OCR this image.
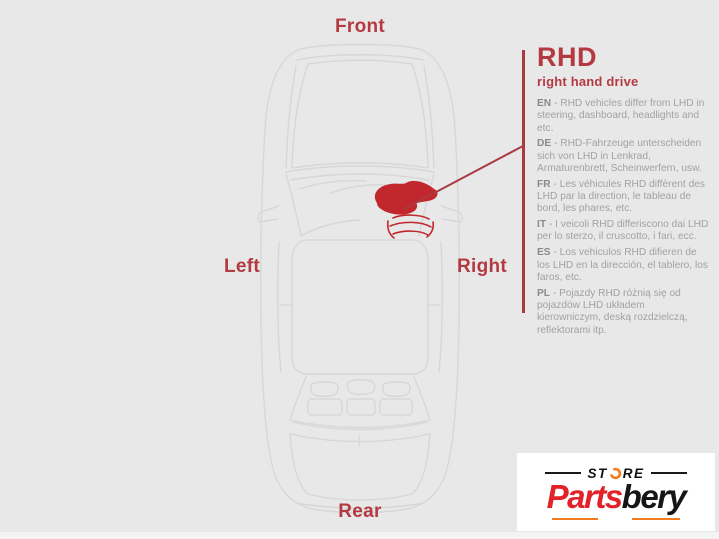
Front
Left	Right
Rear
RHD
right hand drive

EN - RHD vehicles differ from LHD in steering, dashboard, headlights and etc.

DE - RHD-Fahrzeuge unterscheiden sich von LHD in Lenkrad, Armaturenbrett, Scheinwerfern, usw.

FR - Les véhicules RHD diffèrent des LHD par la direction, le tableau de bord, les phares, etc.

IT - I veicoli RHD differiscono dai LHD per lo sterzo, il cruscotto, i fari, ecc.

ES - Los vehiculos RHD difieren de los LHD en la dirección, el tablero, los faros, etc.

PL - Pojazdy RHD różnią się od pojazdów LHD układem kierowniczym, deską rozdzielczą, reflektorami itp.

ST RE
Partsbery
